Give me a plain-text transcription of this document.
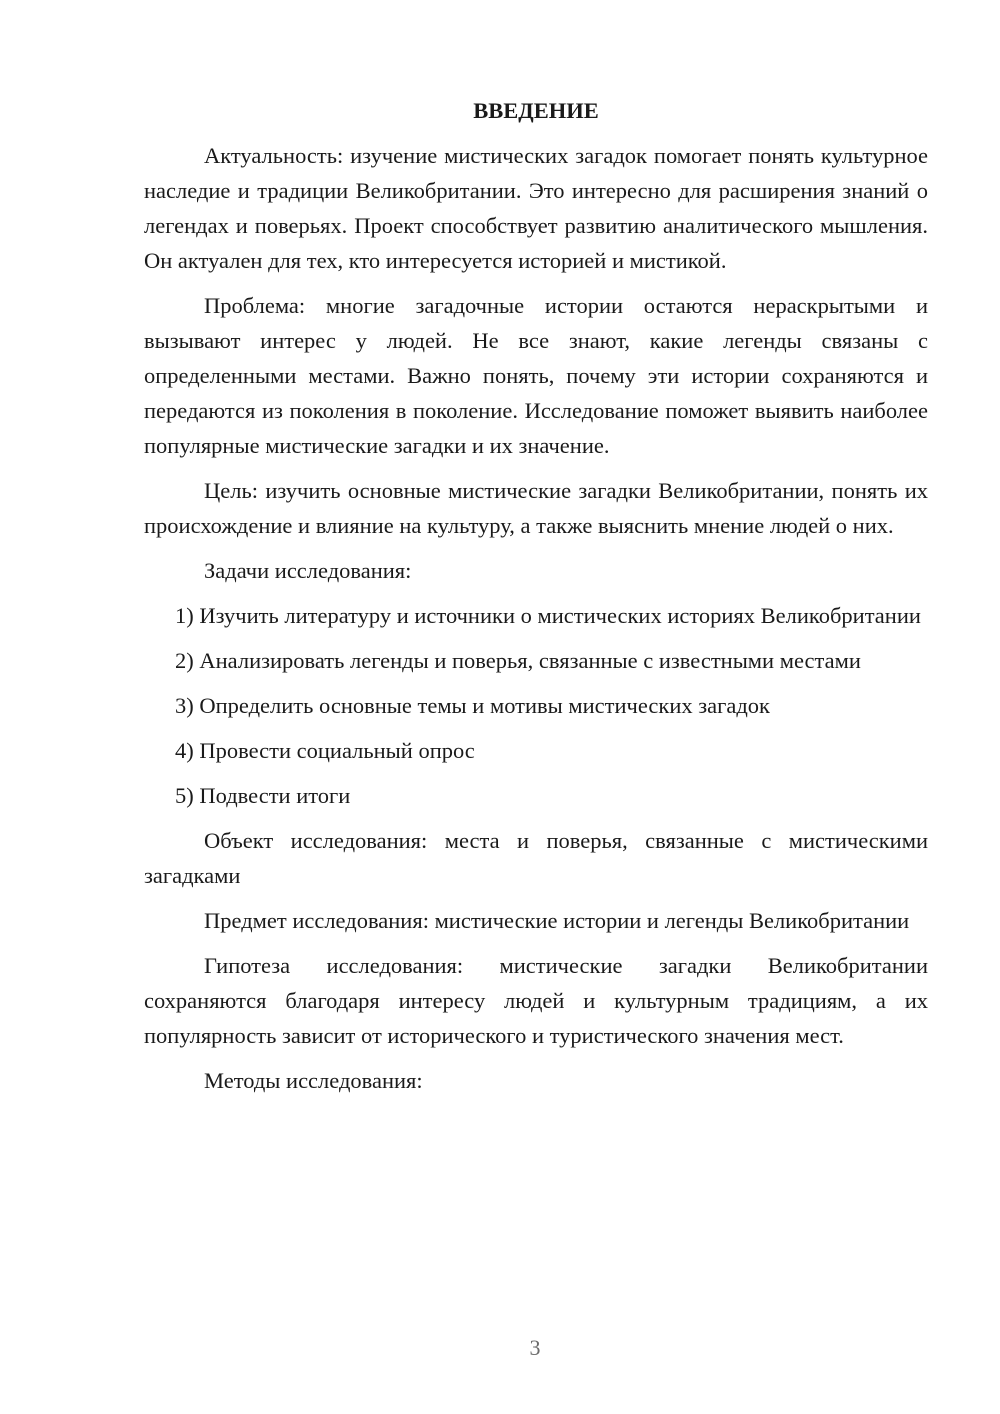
ВВЕДЕНИЕ

Актуальность: изучение мистических загадок помогает понять культурное наследие и традиции Великобритании. Это интересно для расширения знаний о легендах и поверьях. Проект способствует развитию аналитического мышления. Он актуален для тех, кто интересуется историей и мистикой.

Проблема: многие загадочные истории остаются нераскрытыми и вызывают интерес у людей. Не все знают, какие легенды связаны с определенными местами. Важно понять, почему эти истории сохраняются и передаются из поколения в поколение. Исследование поможет выявить наиболее популярные мистические загадки и их значение.

Цель: изучить основные мистические загадки Великобритании, понять их происхождение и влияние на культуру, а также выяснить мнение людей о них.

Задачи исследования:

1) Изучить литературу и источники о мистических историях Великобритании

2) Анализировать легенды и поверья, связанные с известными местами

3) Определить основные темы и мотивы мистических загадок

4) Провести социальный опрос

5) Подвести итоги

Объект исследования: места и поверья, связанные с мистическими загадками

Предмет исследования: мистические истории и легенды Великобритании

Гипотеза исследования: мистические загадки Великобритании сохраняются благодаря интересу людей и культурным традициям, а их популярность зависит от исторического и туристического значения мест.

Методы исследования:

3
